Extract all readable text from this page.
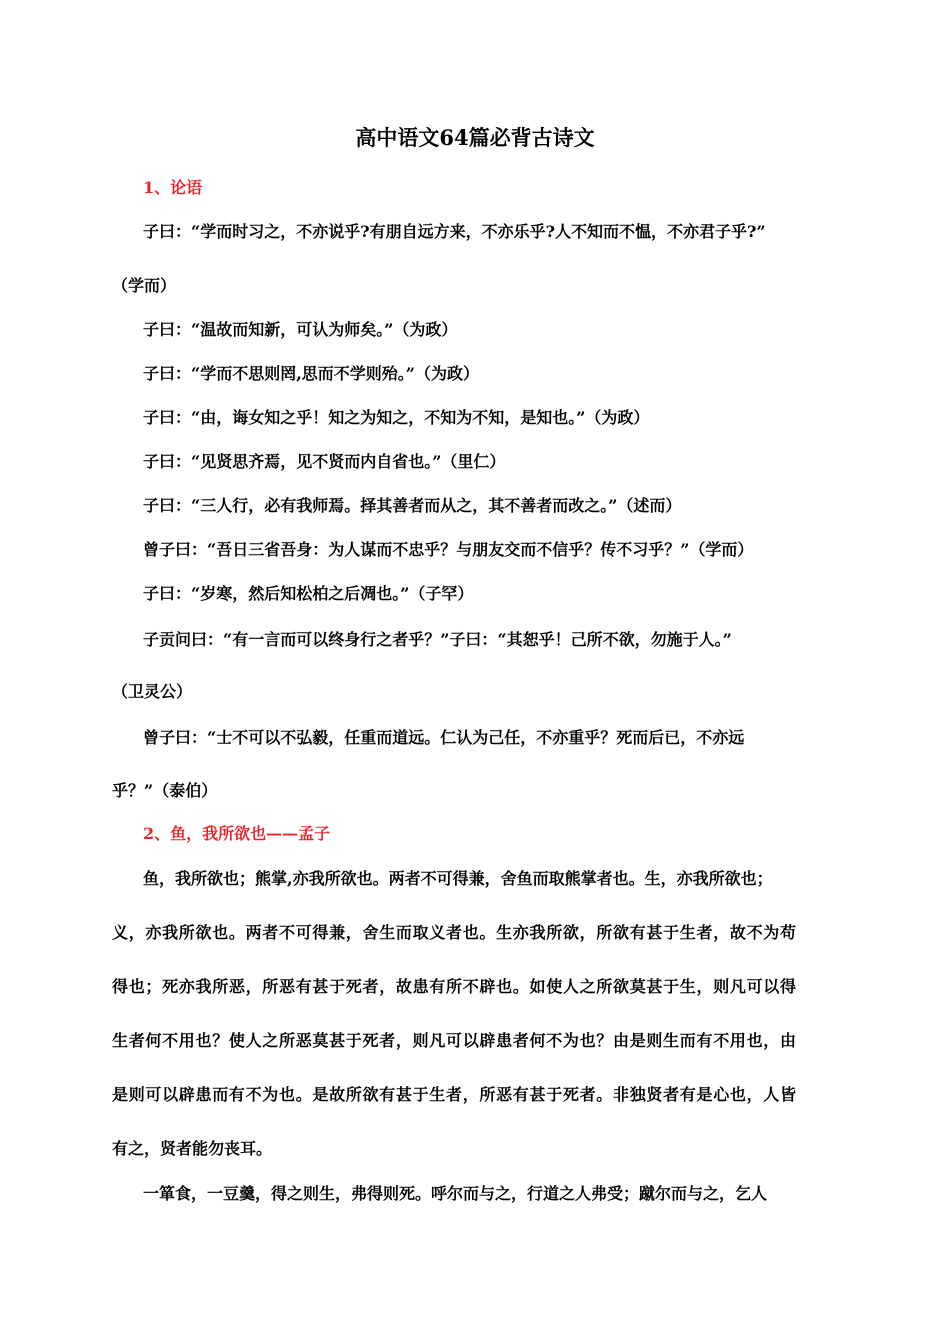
高中语文64篇必背古诗文
1、论语
子曰：“学而时习之，不亦说乎?有朋自远方来，不亦乐乎?人不知而不愠，不亦君子乎?”
（学而）
子曰：“温故而知新，可认为师矣。”（为政）
子曰：“学而不思则罔,思而不学则殆。”（为政）
子曰：“由，诲女知之乎！知之为知之，不知为不知，是知也。”（为政）
子曰：“见贤思齐焉，见不贤而内自省也。”（里仁）
子曰：“三人行，必有我师焉。择其善者而从之，其不善者而改之。”（述而）
曾子曰：“吾日三省吾身：为人谋而不忠乎？与朋友交而不信乎？传不习乎？”（学而）
子曰：“岁寒，然后知松柏之后凋也。”（子罕）
子贡问曰：“有一言而可以终身行之者乎？”子曰：“其恕乎！己所不欲，勿施于人。”
（卫灵公）
曾子曰：“士不可以不弘毅，任重而道远。仁认为己任，不亦重乎？死而后已，不亦远
乎？”（泰伯）
2、鱼，我所欲也——孟子
鱼，我所欲也；熊掌,亦我所欲也。两者不可得兼，舍鱼而取熊掌者也。生，亦我所欲也；
义，亦我所欲也。两者不可得兼，舍生而取义者也。生亦我所欲，所欲有甚于生者，故不为苟
得也；死亦我所恶，所恶有甚于死者，故患有所不辟也。如使人之所欲莫甚于生，则凡可以得
生者何不用也？使人之所恶莫甚于死者，则凡可以辟患者何不为也？由是则生而有不用也，由
是则可以辟患而有不为也。是故所欲有甚于生者，所恶有甚于死者。非独贤者有是心也，人皆
有之，贤者能勿丧耳。
一箪食，一豆羹，得之则生，弗得则死。呼尔而与之，行道之人弗受；蹴尔而与之，乞人
